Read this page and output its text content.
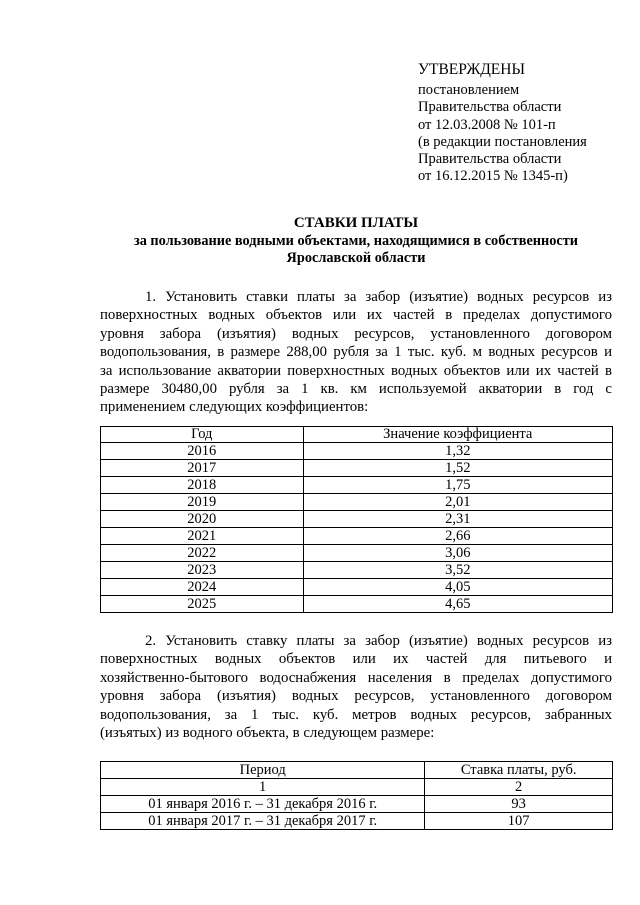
УТВЕРЖДЕНЫ
постановлением
Правительства области
от 12.03.2008 № 101-п
(в редакции постановления
Правительства области
от 16.12.2015 № 1345-п)
СТАВКИ ПЛАТЫ
за пользование водными объектами, находящимися в собственности
Ярославской области
1. Установить ставки платы за забор (изъятие) водных ресурсов из
поверхностных водных объектов или их частей в пределах допустимого
уровня забора (изъятия) водных ресурсов, установленного договором
водопользования, в размере 288,00 рубля за 1 тыс. куб. м водных ресурсов и
за использование акватории поверхностных водных объектов или их частей в
размере 30480,00 рубля за 1 кв. км используемой акватории в год с
применением следующих коэффициентов:
Год	Значение коэффициента
2016	1,32
2017	1,52
2018	1,75
2019	2,01
2020	2,31
2021	2,66
2022	3,06
2023	3,52
2024	4,05
2025	4,65
2. Установить ставку платы за забор (изъятие) водных ресурсов из
поверхностных водных объектов или их частей для питьевого и
хозяйственно-бытового водоснабжения населения в пределах допустимого
уровня забора (изъятия) водных ресурсов, установленного договором
водопользования, за 1 тыс. куб. метров водных ресурсов, забранных
(изъятых) из водного объекта, в следующем размере:
Период	Ставка платы, руб.
1	2
01 января 2016 г. – 31 декабря 2016 г.	93
01 января 2017 г. – 31 декабря 2017 г.	107
